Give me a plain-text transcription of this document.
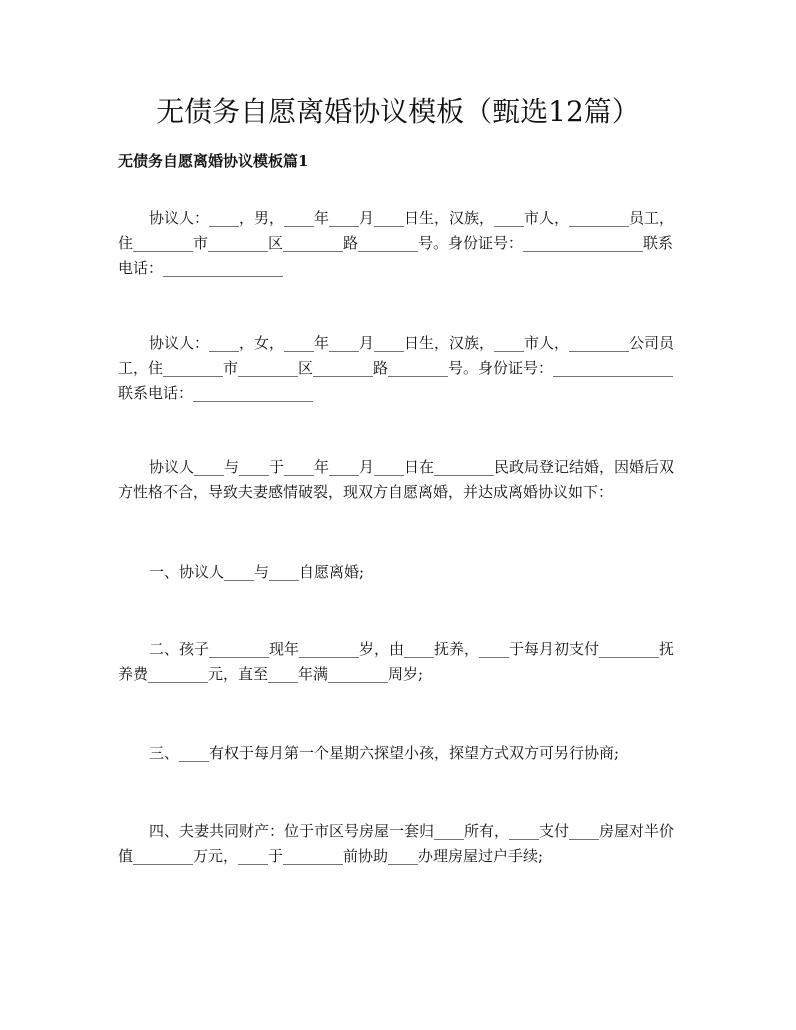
无债务自愿离婚协议模板（甄选12篇）
无债务自愿离婚协议模板篇1

协议人：____，男，____年____月____日生，汉族，____市人，________员工，住________市________区________路________号。身份证号：________________联系电话：________________

协议人：____，女，____年____月____日生，汉族，____市人，________公司员工，住________市________区________路________号。身份证号：________________联系电话：________________

协议人____与____于____年____月____日在________民政局登记结婚，因婚后双方性格不合，导致夫妻感情破裂，现双方自愿离婚，并达成离婚协议如下：

一、协议人____与____自愿离婚;

二、孩子________现年________岁，由____抚养，____于每月初支付________抚养费________元，直至____年满________周岁;

三、____有权于每月第一个星期六探望小孩，探望方式双方可另行协商;

四、夫妻共同财产：位于市区号房屋一套归____所有，____支付____房屋对半价值________万元，____于________前协助____办理房屋过户手续;
